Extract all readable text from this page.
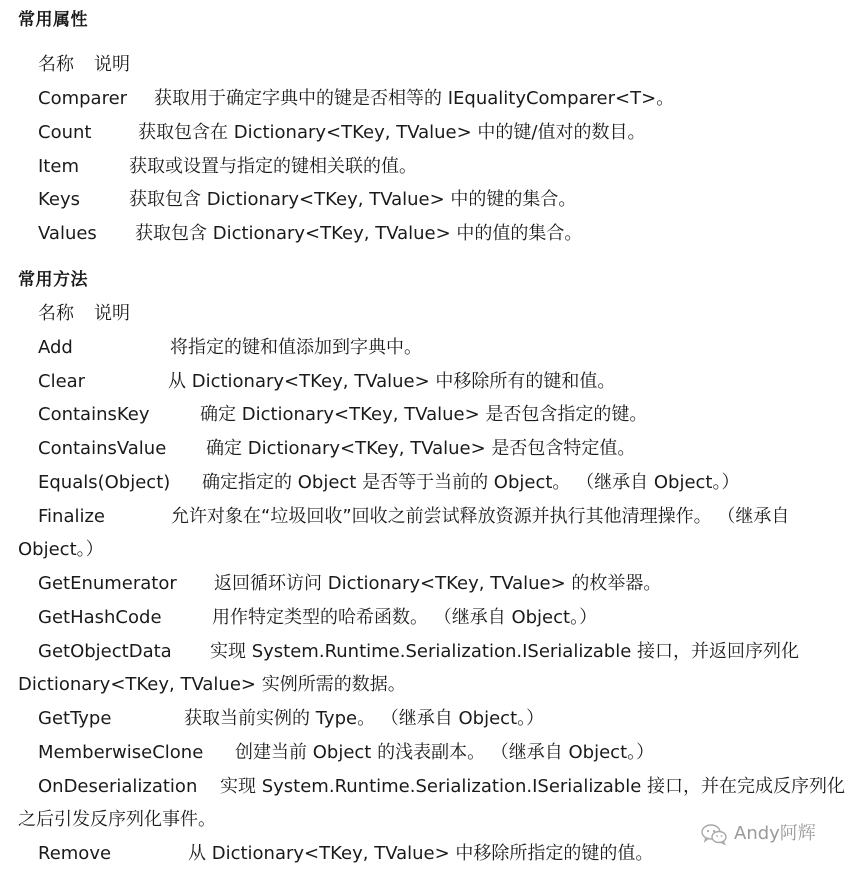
常用属性
名称 说明
Comparer 获取用于确定字典中的键是否相等的 IEqualityComparer<T>。
Count	获取包含在 Dictionary<TKey, TValue> 中的键/值对的数目。
Item	获取或设置与指定的键相关联的值。
Keys	获取包含 Dictionary<TKey, TValue> 中的键的集合。
Values 获取包含 Dictionary<TKey, TValue> 中的值的集合。
常用方法
名称 说明
Add	将指定的键和值添加到字典中。
Clear	从 Dictionary<TKey, TValue> 中移除所有的键和值。
ContainsKey	确定 Dictionary<TKey, TValue> 是否包含指定的键。
ContainsValue 确定 Dictionary<TKey, TValue> 是否包含特定值。
Equals(Object) 确定指定的 Object 是否等于当前的 Object。 （继承自 Object。）
Finalize	允许对象在“垃圾回收”回收之前尝试释放资源并执行其他清理操作。 （继承自
Object。）
GetEnumerator 返回循环访问 Dictionary<TKey, TValue> 的枚举器。
GetHashCode	用作特定类型的哈希函数。 （继承自 Object。）
GetObjectData 实现 System.Runtime.Serialization.ISerializable 接口，并返回序列化
Dictionary<TKey, TValue> 实例所需的数据。
GetType	获取当前实例的 Type。 （继承自 Object。）
MemberwiseClone 创建当前 Object 的浅表副本。 （继承自 Object。）
OnDeserialization 实现 System.Runtime.Serialization.ISerializable 接口，并在完成反序列化
之后引发反序列化事件。
Remove	从 Dictionary<TKey, TValue> 中移除所指定的键的值。
Andy阿辉
